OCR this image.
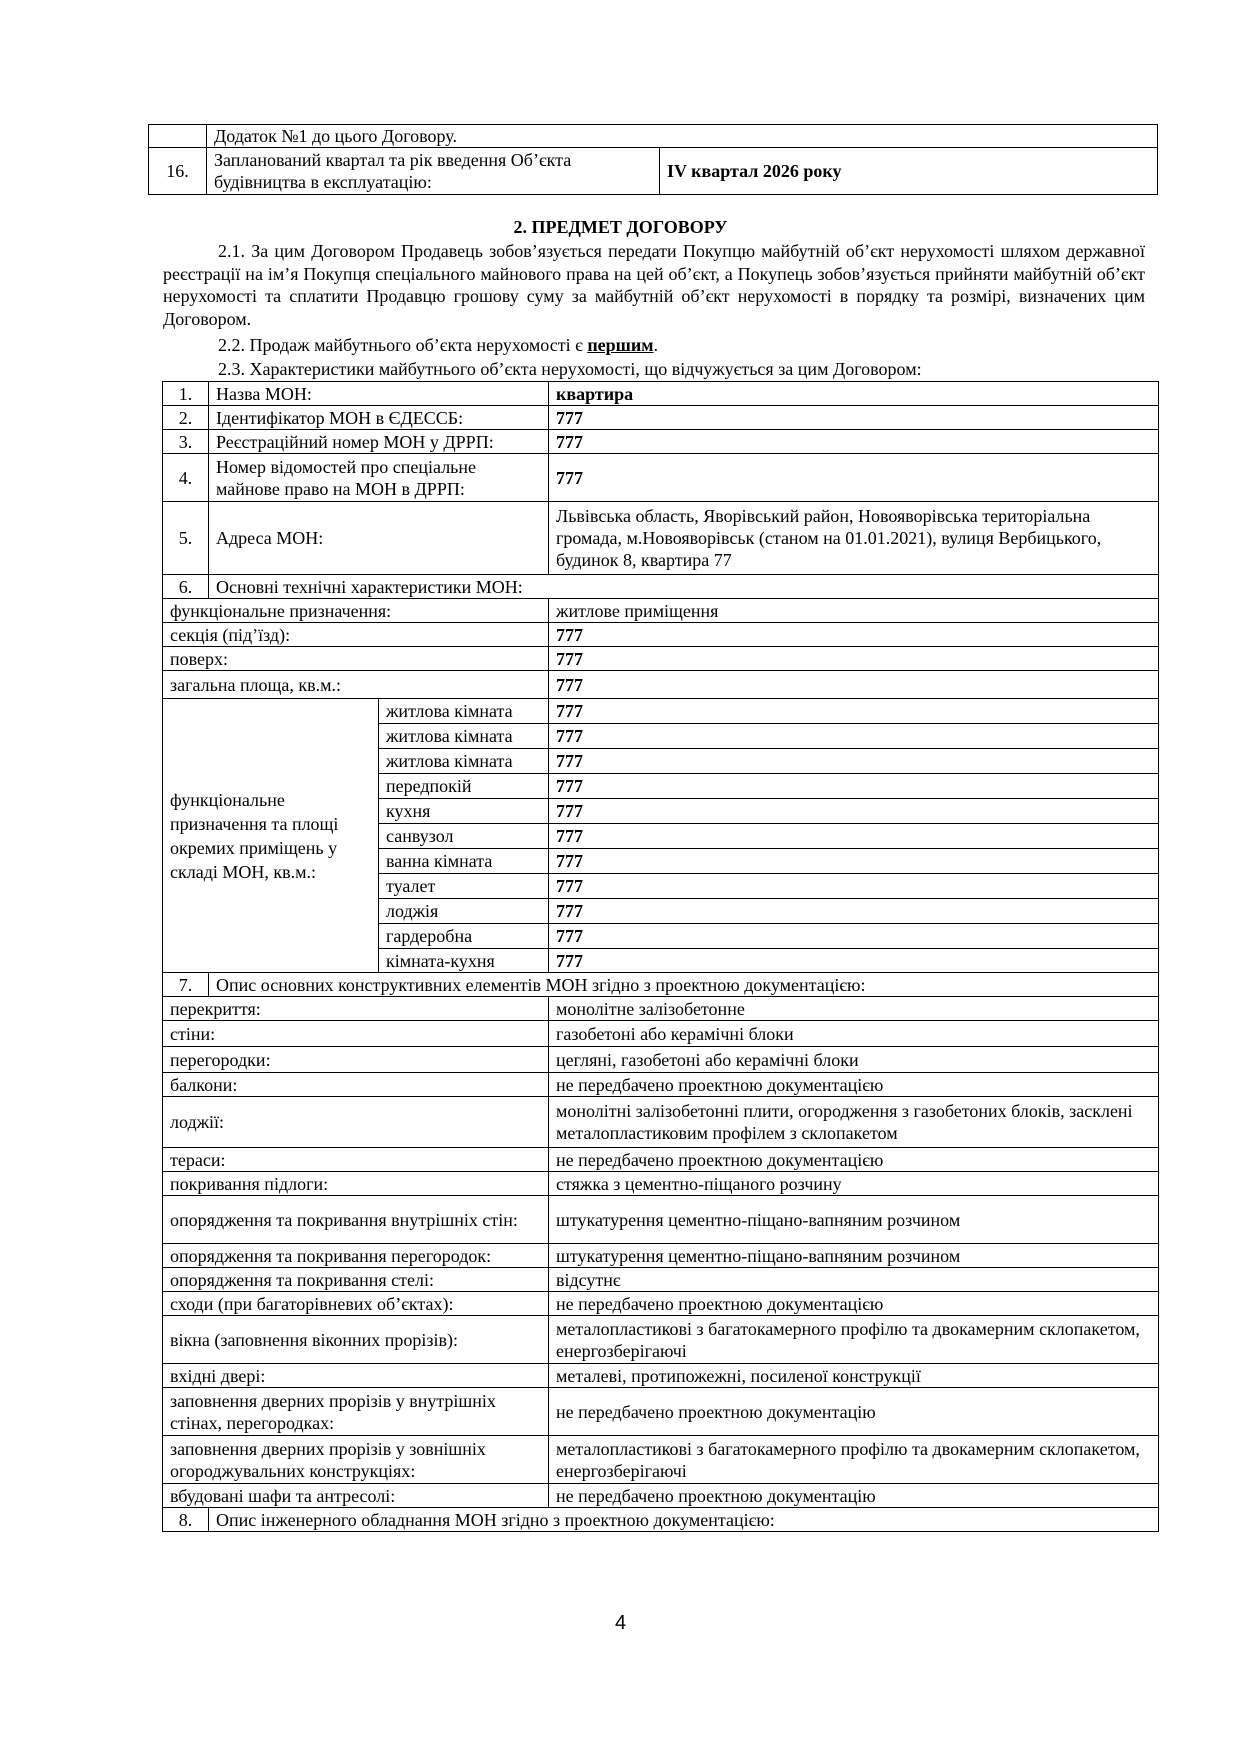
	Додаток №1 до цього Договору.	
16.	Запланований квартал та рік введення Об’єкта будівництва в експлуатацію:	IV квартал 2026 року
2. ПРЕДМЕТ ДОГОВОРУ
2.1. За цим Договором Продавець зобов’язується передати Покупцю майбутній об’єкт нерухомості шляхом державної реєстрації на ім’я Покупця спеціального майнового права на цей об’єкт, а Покупець зобов’язується прийняти майбутній об’єкт нерухомості та сплатити Продавцю грошову суму за майбутній об’єкт нерухомості в порядку та розмірі, визначених цим Договором.
2.2. Продаж майбутнього об’єкта нерухомості є першим.
2.3. Характеристики майбутнього об’єкта нерухомості, що відчужується за цим Договором:
1.	Назва МОН:		квартира
2.	Ідентифікатор МОН в ЄДЕССБ:		777
3.	Реєстраційний номер МОН у ДРРП:		777
4.	Номер відомостей про спеціальне майнове право на МОН в ДРРП:		777
5.	Адреса МОН:		Львівська область, Яворівський район, Новояворівська територіальна громада, м.Новояворівськ (станом на 01.01.2021), вулиця Вербицького, будинок 8, квартира 77
6.	Основні технічні характеристики МОН:		
функціональне призначення:			житлове приміщення
секція (під’їзд):			777
поверх:			777
загальна площа, кв.м.:			777
функціональне призначення та площі окремих приміщень у складі МОН, кв.м.:		житлова кімната	777
		житлова кімната	777
		житлова кімната	777
		передпокій	777
		кухня	777
		санвузол	777
		ванна кімната	777
		туалет	777
		лоджія	777
		гардеробна	777
		кімната-кухня	777
7.	Опис основних конструктивних елементів МОН згідно з проектною документацією:		
перекриття:			монолітне залізобетонне
стіни:			газобетоні або керамічні блоки
перегородки:			цегляні, газобетоні або керамічні блоки
балкони:			не передбачено проектною документацією
лоджії:			монолітні залізобетонні плити, огородження з газобетоних блоків, засклені металопластиковим профілем з склопакетом
тераси:			не передбачено проектною документацією
покривання підлоги:			стяжка з цементно-піщаного розчину
опорядження та покривання внутрішніх стін:			штукатурення цементно-піщано-вапняним розчином
опорядження та покривання перегородок:			штукатурення цементно-піщано-вапняним розчином
опорядження та покривання стелі:			відсутнє
сходи (при багаторівневих об’єктах):			не передбачено проектною документацією
вікна (заповнення віконних прорізів):			металопластикові з багатокамерного профілю та двокамерним склопакетом, енергозберігаючі
вхідні двері:			металеві, протипожежні, посиленої конструкції
заповнення дверних прорізів у внутрішніх стінах, перегородках:			не передбачено проектною документацію
заповнення дверних прорізів у зовнішніх огороджувальних конструкціях:			металопластикові з багатокамерного профілю та двокамерним склопакетом, енергозберігаючі
вбудовані шафи та антресолі:			не передбачено проектною документацію
8.	Опис інженерного обладнання МОН згідно з проектною документацією:		
4
